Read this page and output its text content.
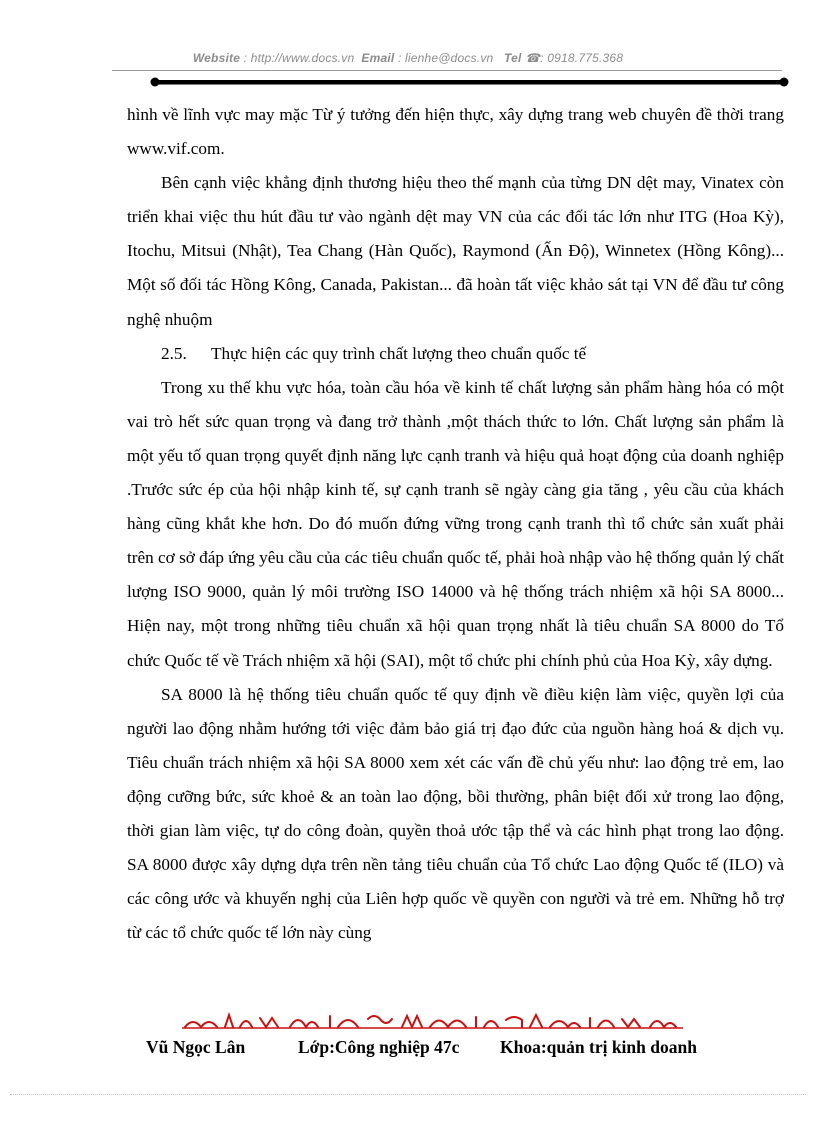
Website : http://www.docs.vn Email : lienhe@docs.vn Tel ☎: 0918.775.368

hình về lĩnh vực may mặc Từ ý tưởng đến hiện thực, xây dựng trang web chuyên đề thời trang www.vif.com.

Bên cạnh việc khẳng định thương hiệu theo thế mạnh của từng DN dệt may, Vinatex còn triển khai việc thu hút đầu tư vào ngành dệt may VN của các đối tác lớn như ITG (Hoa Kỳ), Itochu, Mitsui (Nhật), Tea Chang (Hàn Quốc), Raymond (Ấn Độ), Winnetex (Hồng Kông)... Một số đối tác Hồng Kông, Canada, Pakistan... đã hoàn tất việc khảo sát tại VN để đầu tư công nghệ nhuộm

2.5. Thực hiện các quy trình chất lượng theo chuẩn quốc tế

Trong xu thế khu vực hóa, toàn cầu hóa về kinh tế chất lượng sản phẩm hàng hóa có một vai trò hết sức quan trọng và đang trở thành ,một thách thức to lớn. Chất lượng sản phẩm là một yếu tố quan trọng quyết định năng lực cạnh tranh và hiệu quả hoạt động của doanh nghiệp .Trước sức ép của hội nhập kinh tế, sự cạnh tranh sẽ ngày càng gia tăng , yêu cầu của khách hàng cũng khắt khe hơn. Do đó muốn đứng vững trong cạnh tranh thì tổ chức sản xuất phải trên cơ sở đáp ứng yêu cầu của các tiêu chuẩn quốc tế, phải hoà nhập vào hệ thống quản lý chất lượng ISO 9000, quản lý môi trường ISO 14000 và hệ thống trách nhiệm xã hội SA 8000... Hiện nay, một trong những tiêu chuẩn xã hội quan trọng nhất là tiêu chuẩn SA 8000 do Tổ chức Quốc tế về Trách nhiệm xã hội (SAI), một tổ chức phi chính phủ của Hoa Kỳ, xây dựng.

SA 8000 là hệ thống tiêu chuẩn quốc tế quy định về điều kiện làm việc, quyền lợi của người lao động nhằm hướng tới việc đảm bảo giá trị đạo đức của nguồn hàng hoá & dịch vụ. Tiêu chuẩn trách nhiệm xã hội SA 8000 xem xét các vấn đề chủ yếu như: lao động trẻ em, lao động cưỡng bức, sức khoẻ & an toàn lao động, bồi thường, phân biệt đối xử trong lao động, thời gian làm việc, tự do công đoàn, quyền thoả ước tập thể và các hình phạt trong lao động. SA 8000 được xây dựng dựa trên nền tảng tiêu chuẩn của Tổ chức Lao động Quốc tế (ILO) và các công ước và khuyến nghị của Liên hợp quốc về quyền con người và trẻ em. Những hỗ trợ từ các tổ chức quốc tế lớn này cùng

Vũ Ngọc Lân	Lớp:Công nghiệp 47c Khoa:quản trị kinh doanh
